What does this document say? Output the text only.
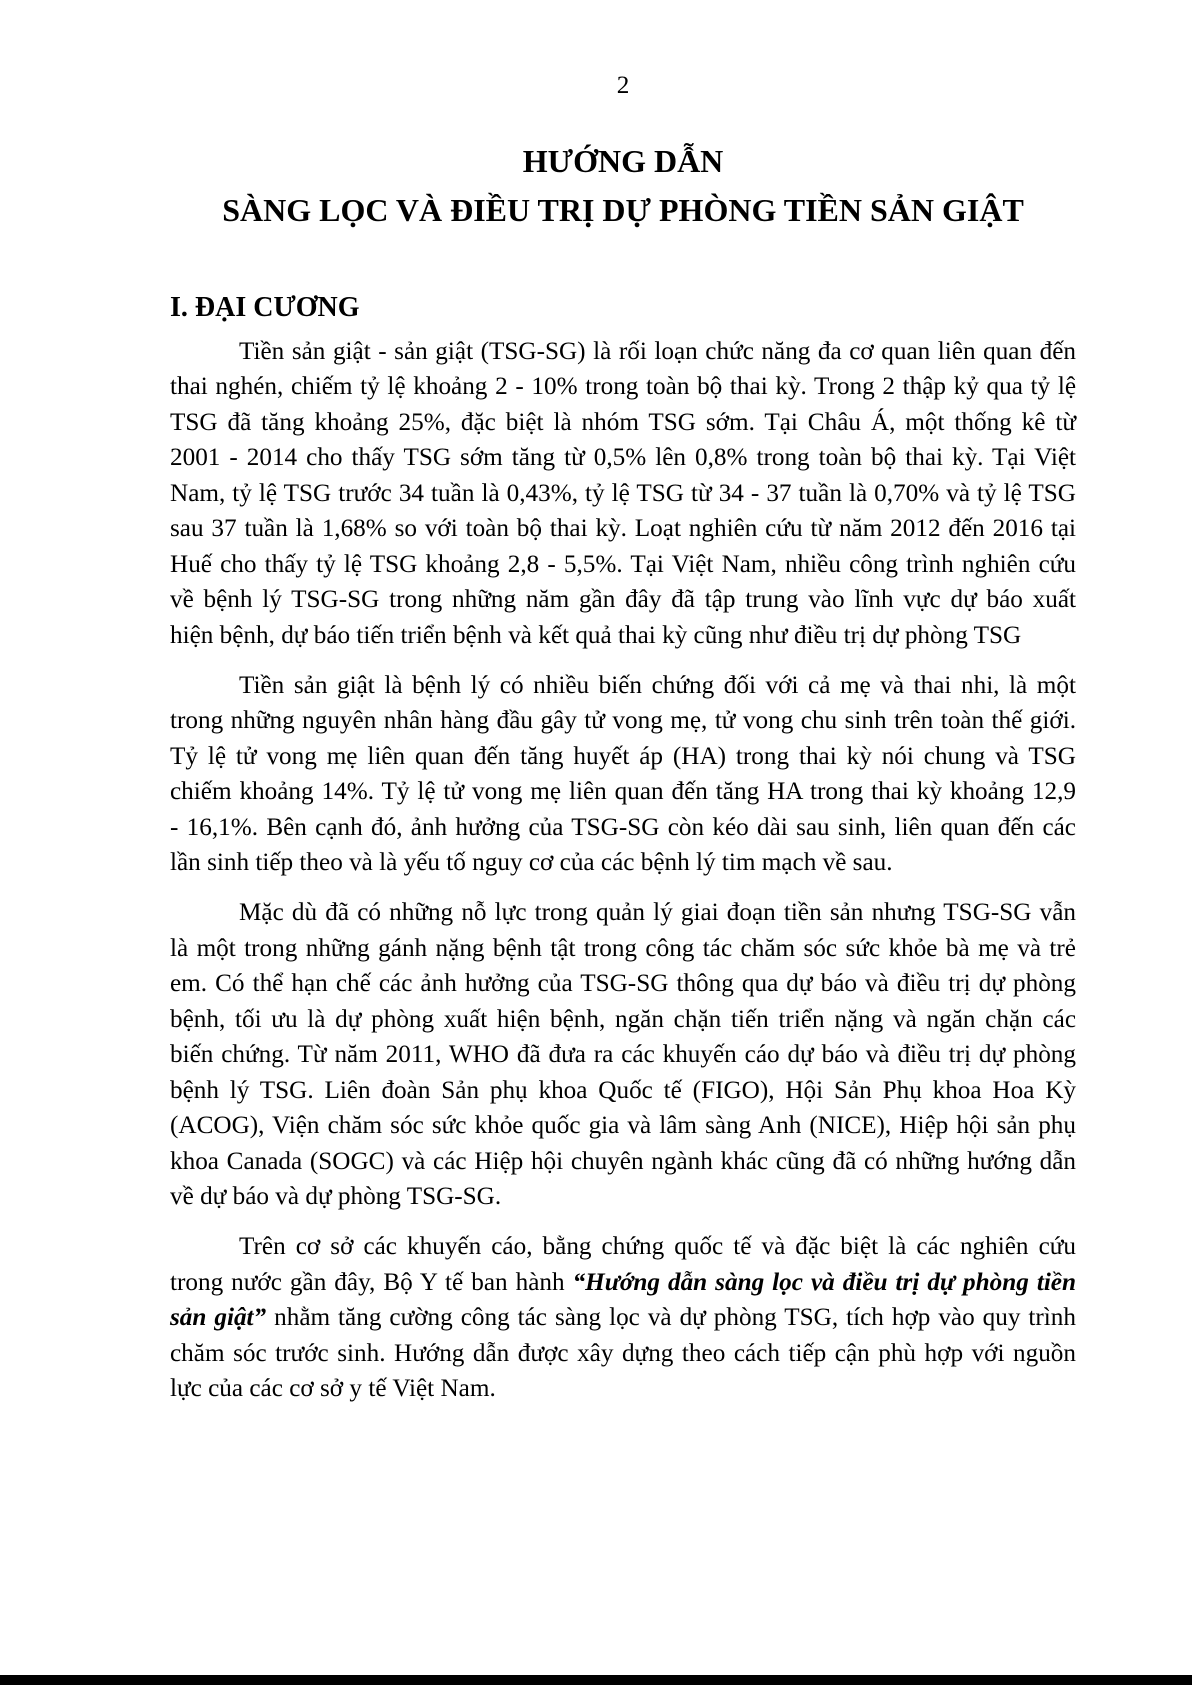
2
HƯỚNG DẪN
SÀNG LỌC VÀ ĐIỀU TRỊ DỰ PHÒNG TIỀN SẢN GIẬT
I. ĐẠI CƯƠNG
Tiền sản giật - sản giật (TSG-SG) là rối loạn chức năng đa cơ quan liên quan đến
thai nghén, chiếm tỷ lệ khoảng 2 - 10% trong toàn bộ thai kỳ. Trong 2 thập kỷ qua tỷ lệ
TSG đã tăng khoảng 25%, đặc biệt là nhóm TSG sớm. Tại Châu Á, một thống kê từ
2001 - 2014 cho thấy TSG sớm tăng từ 0,5% lên 0,8% trong toàn bộ thai kỳ. Tại Việt
Nam, tỷ lệ TSG trước 34 tuần là 0,43%, tỷ lệ TSG từ 34 - 37 tuần là 0,70% và tỷ lệ TSG
sau 37 tuần là 1,68% so với toàn bộ thai kỳ. Loạt nghiên cứu từ năm 2012 đến 2016 tại
Huế cho thấy tỷ lệ TSG khoảng 2,8 - 5,5%. Tại Việt Nam, nhiều công trình nghiên cứu
về bệnh lý TSG-SG trong những năm gần đây đã tập trung vào lĩnh vực dự báo xuất
hiện bệnh, dự báo tiến triển bệnh và kết quả thai kỳ cũng như điều trị dự phòng TSG
Tiền sản giật là bệnh lý có nhiều biến chứng đối với cả mẹ và thai nhi, là một
trong những nguyên nhân hàng đầu gây tử vong mẹ, tử vong chu sinh trên toàn thế giới.
Tỷ lệ tử vong mẹ liên quan đến tăng huyết áp (HA) trong thai kỳ nói chung và TSG
chiếm khoảng 14%. Tỷ lệ tử vong mẹ liên quan đến tăng HA trong thai kỳ khoảng 12,9
- 16,1%. Bên cạnh đó, ảnh hưởng của TSG-SG còn kéo dài sau sinh, liên quan đến các
lần sinh tiếp theo và là yếu tố nguy cơ của các bệnh lý tim mạch về sau.
Mặc dù đã có những nỗ lực trong quản lý giai đoạn tiền sản nhưng TSG-SG vẫn
là một trong những gánh nặng bệnh tật trong công tác chăm sóc sức khỏe bà mẹ và trẻ
em. Có thể hạn chế các ảnh hưởng của TSG-SG thông qua dự báo và điều trị dự phòng
bệnh, tối ưu là dự phòng xuất hiện bệnh, ngăn chặn tiến triển nặng và ngăn chặn các
biến chứng. Từ năm 2011, WHO đã đưa ra các khuyến cáo dự báo và điều trị dự phòng
bệnh lý TSG. Liên đoàn Sản phụ khoa Quốc tế (FIGO), Hội Sản Phụ khoa Hoa Kỳ
(ACOG), Viện chăm sóc sức khỏe quốc gia và lâm sàng Anh (NICE), Hiệp hội sản phụ
khoa Canada (SOGC) và các Hiệp hội chuyên ngành khác cũng đã có những hướng dẫn
về dự báo và dự phòng TSG-SG.
Trên cơ sở các khuyến cáo, bằng chứng quốc tế và đặc biệt là các nghiên cứu
trong nước gần đây, Bộ Y tế ban hành “Hướng dẫn sàng lọc và điều trị dự phòng tiền
sản giật” nhằm tăng cường công tác sàng lọc và dự phòng TSG, tích hợp vào quy trình
chăm sóc trước sinh. Hướng dẫn được xây dựng theo cách tiếp cận phù hợp với nguồn
lực của các cơ sở y tế Việt Nam.
